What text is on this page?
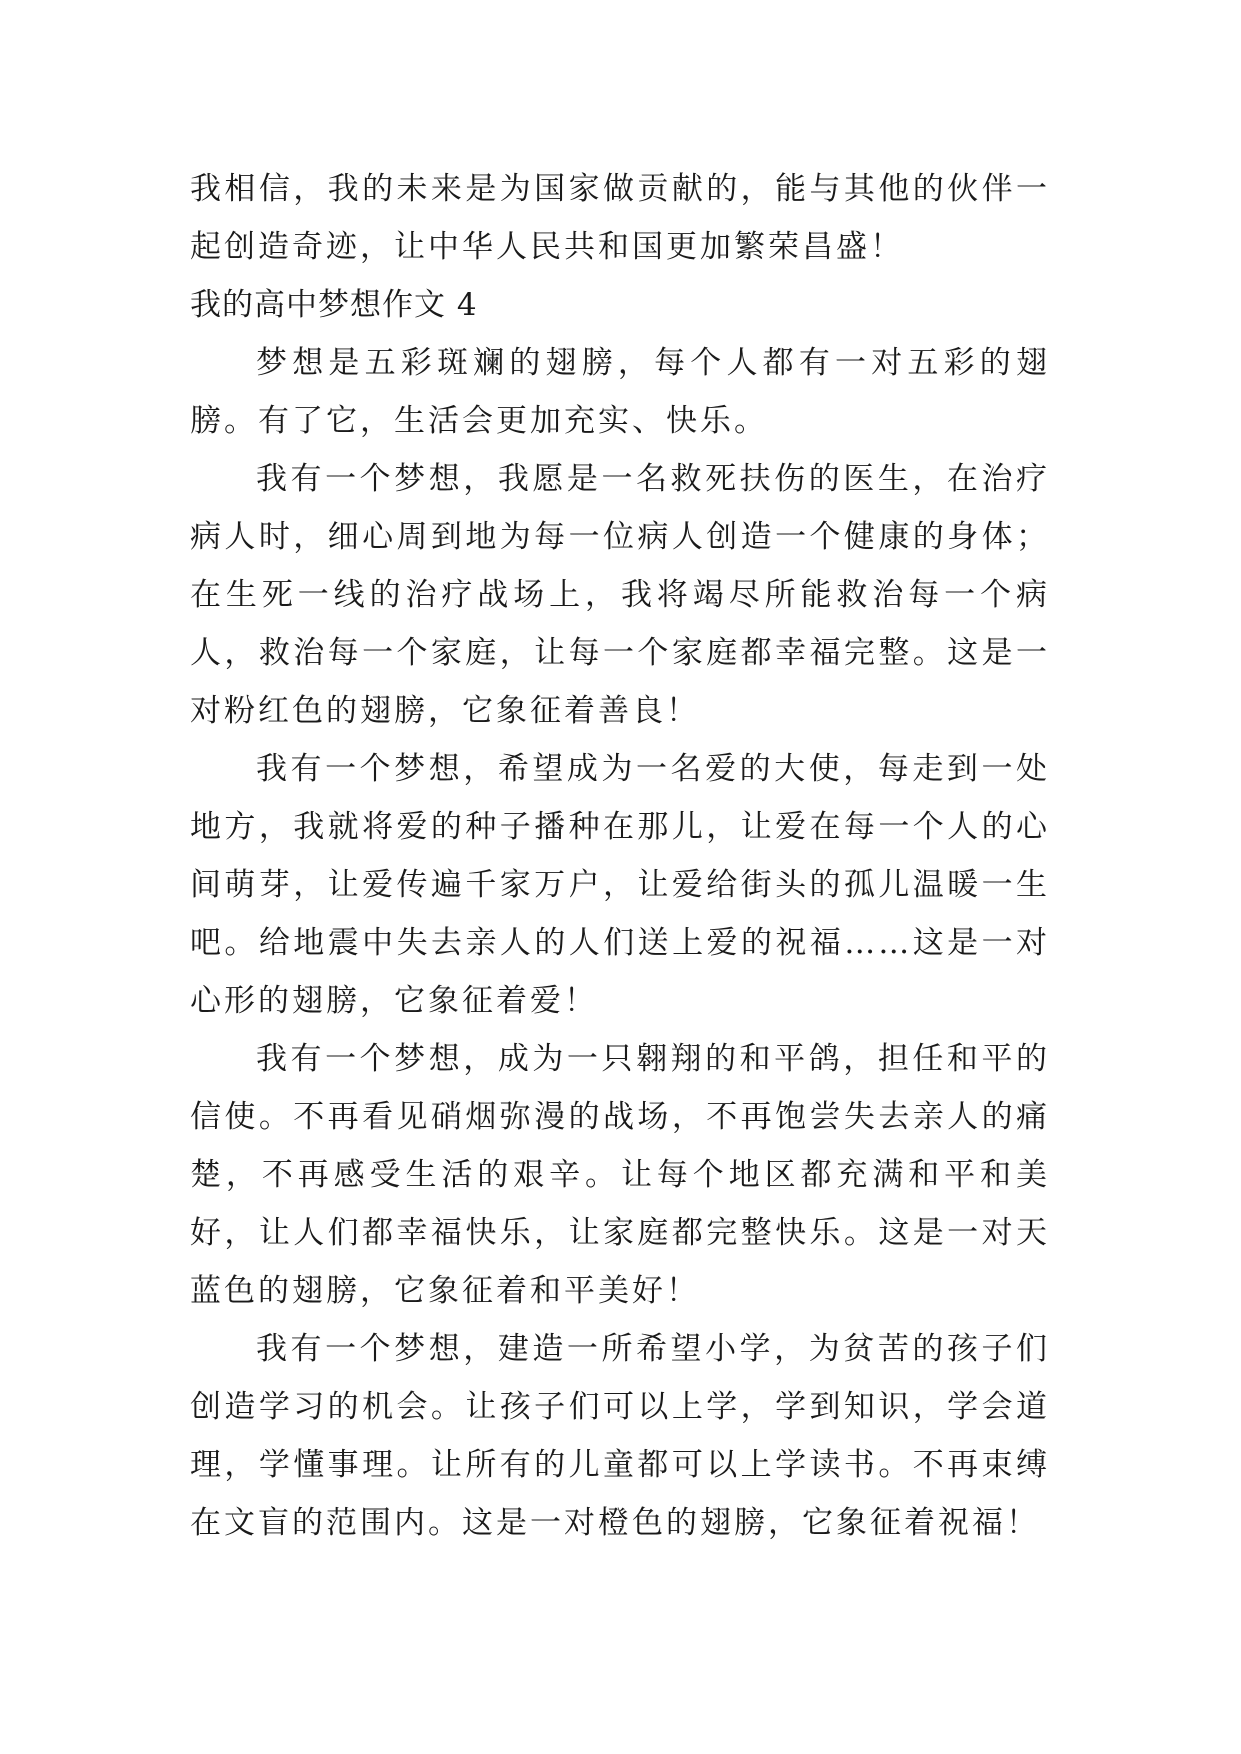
我相信，我的未来是为国家做贡献的，能与其他的伙伴一起创造奇迹，让中华人民共和国更加繁荣昌盛！

我的高中梦想作文 4

梦想是五彩斑斓的翅膀，每个人都有一对五彩的翅膀。有了它，生活会更加充实、快乐。

我有一个梦想，我愿是一名救死扶伤的医生，在治疗病人时，细心周到地为每一位病人创造一个健康的身体；在生死一线的治疗战场上，我将竭尽所能救治每一个病人，救治每一个家庭，让每一个家庭都幸福完整。这是一对粉红色的翅膀，它象征着善良！

我有一个梦想，希望成为一名爱的大使，每走到一处地方，我就将爱的种子播种在那儿，让爱在每一个人的心间萌芽，让爱传遍千家万户，让爱给街头的孤儿温暖一生吧。给地震中失去亲人的人们送上爱的祝福……这是一对心形的翅膀，它象征着爱！

我有一个梦想，成为一只翱翔的和平鸽，担任和平的信使。不再看见硝烟弥漫的战场，不再饱尝失去亲人的痛楚，不再感受生活的艰辛。让每个地区都充满和平和美好，让人们都幸福快乐，让家庭都完整快乐。这是一对天蓝色的翅膀，它象征着和平美好！

我有一个梦想，建造一所希望小学，为贫苦的孩子们创造学习的机会。让孩子们可以上学，学到知识，学会道理，学懂事理。让所有的儿童都可以上学读书。不再束缚在文盲的范围内。这是一对橙色的翅膀，它象征着祝福！
